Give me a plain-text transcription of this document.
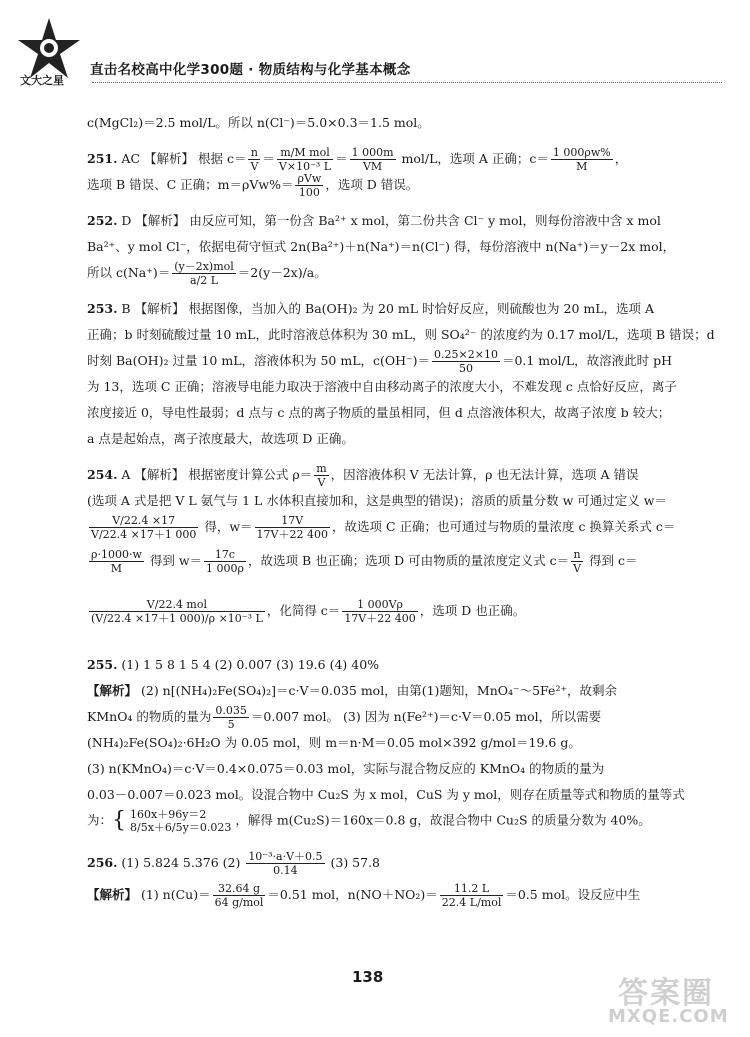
文大之星
直击名校高中化学300题 · 物质结构与化学基本概念
c(MgCl₂)＝2.5 mol/L。所以 n(Cl⁻)＝5.0×0.3＝1.5 mol。
251. AC 【解析】 根据 $c= \frac{n}{V} = \frac{\text{m/M mol}}{\text{V×10⁻³ L}} = \frac{1 000m}{VM} mol/L$，选项 A 正确；$c= \frac{1 000\rho w\%}{M}$ ，
选项 B 错误、C 正确；$m=\rho Vw\%= \frac{\text{ρVw}}{100}$ ，选项 D 错误。
252. D 【解析】 由反应可知，第一份含 Ba²⁺ x mol，第二份共含 Cl⁻ y mol，则每份溶液中含 x mol
Ba²⁺、y mol Cl⁻，依据电荷守恒式 2n(Ba²⁺)＋n(Na⁺)＝n(Cl⁻) 得，每份溶液中 n(Na⁺)＝y－2x mol，
所以 $c(Na^+)= \frac{\text{(y－2x)mol}}{a/2 L} =2(y-2x)/a$。
253. B 【解析】 根据图像，当加入的 Ba(OH)₂ 为 20 mL 时恰好反应，则硫酸也为 20 mL，选项 A
正确；b 时刻硫酸过量 10 mL，此时溶液总体积为 30 mL，则 SO₄²⁻ 的浓度约为 0.17 mol/L，选项 B 错误；d
时刻 Ba(OH)₂ 过量 10 mL，溶液体积为 50 mL，$c(OH^-)= \frac{0.25\times 2\times 10}{50} =0.1$ mol/L，故溶液此时 pH
为 13，选项 C 正确；溶液导电能力取决于溶液中自由移动离子的浓度大小，不难发现 c 点恰好反应，离子
浓度接近 0，导电性最弱；d 点与 c 点的离子物质的量虽相同，但 d 点溶液体积大，故离子浓度 b 较大；
a 点是起始点，离子浓度最大，故选项 D 正确。
254. A 【解析】 根据密度计算公式 $\rho= \frac{m}{V}$ ，因溶液体积 V 无法计算，ρ 也无法计算，选项 A 错误
(选项 A 式是把 V L 氨气与 1 L 水体积直接加和，这是典型的错误)；溶质的质量分数 w 可通过定义 w＝
$\frac{V/22.4 \times 17}{V/22.4 \times 17+1 000}$ 得，$w= \frac{17V}{17V+22 400}$ ，故选项 C 正确；也可通过与物质的量浓度 c 换算关系式 c＝
$\frac{\rho\cdot 1000\cdot w}{M}$ 得到 $w= \frac{17c}{1 000\rho}$ ，故选项 B 也正确；选项 D 可由物质的量浓度定义式 $c= \frac{n}{V}$ 得到 c＝
$\frac{\text{V/22.4 mol}}{\text{(V/22.4 ×17＋1 000)/ρ ×10⁻³ L}}$ ，化简得 $c= \frac{1 000V\rho}{17V+22 400}$ ，选项 D 也正确。
255. (1) 1 5 8 1 5 4 (2) 0.007 (3) 19.6 (4) 40%
【解析】 (2) n[(NH₄)₂Fe(SO₄)₂]＝c·V＝0.035 mol，由第(1)题知，MnO₄⁻～5Fe²⁺，故剩余
KMnO₄ 的物质的量为 $\frac{0.035}{5} =0.007$ mol。 (3) 因为 n(Fe²⁺)＝c·V＝0.05 mol，所以需要
(NH₄)₂Fe(SO₄)₂·6H₂O 为 0.05 mol，则 m＝n·M＝0.05 mol×392 g/mol＝19.6 g。
(3) n(KMnO₄)＝c·V＝0.4×0.075＝0.03 mol，实际与混合物反应的 KMnO₄ 的物质的量为
0.03－0.007＝0.023 mol。设混合物中 Cu₂S 为 x mol，CuS 为 y mol，则存在质量等式和物质的量等式
为：{ 160x＋96y＝2
8/5x＋6/5y＝0.023 ，解得 m(Cu₂S)＝160x＝0.8 g，故混合物中 Cu₂S 的质量分数为 40%。
256. (1) 5.824 5.376 $(2) \frac{\text{10⁻³·a·V＋0.5}}{0.14} (3)$ 57.8
【解析】 (1) $n(Cu)= \frac{32.64 g}{\text{64 g/mol}} =0.51$ mol，$n(NO+NO_2)= \frac{11.2 L}{\text{22.4 L/mol}} =0.5$ mol。设反应中生
138	答案圈
MXQE.COM
